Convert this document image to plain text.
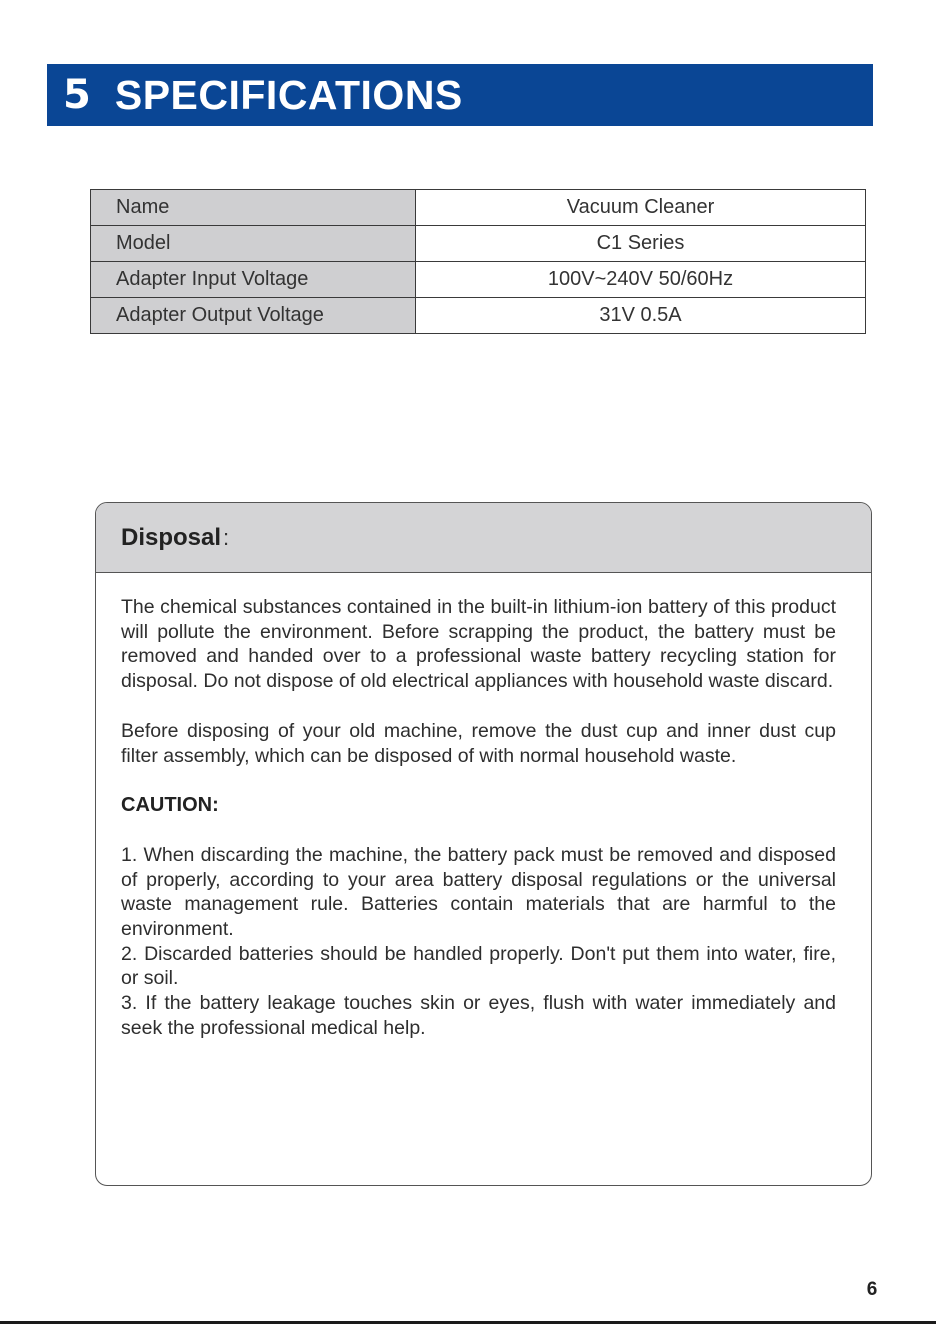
5 SPECIFICATIONS
Name	Vacuum Cleaner
Model	C1 Series
Adapter Input Voltage	100V~240V 50/60Hz
Adapter Output Voltage	31V 0.5A
Disposal :

The chemical substances contained in the built-in lithium-ion battery of this product will pollute the environment. Before scrapping the product, the battery must be removed and handed over to a professional waste battery recycling station for disposal. Do not dispose of old electrical appliances with household waste discard.

Before disposing of your old machine, remove the dust cup and inner dust cup filter assembly, which can be disposed of with normal household waste.

CAUTION:

1. When discarding the machine, the battery pack must be removed and disposed of properly, according to your area battery disposal regulations or the universal waste management rule. Batteries contain materials that are harmful to the environment.

2. Discarded batteries should be handled properly. Don't put them into water, fire, or soil.

3. If the battery leakage touches skin or eyes, flush with water immediately and seek the professional medical help.

6
